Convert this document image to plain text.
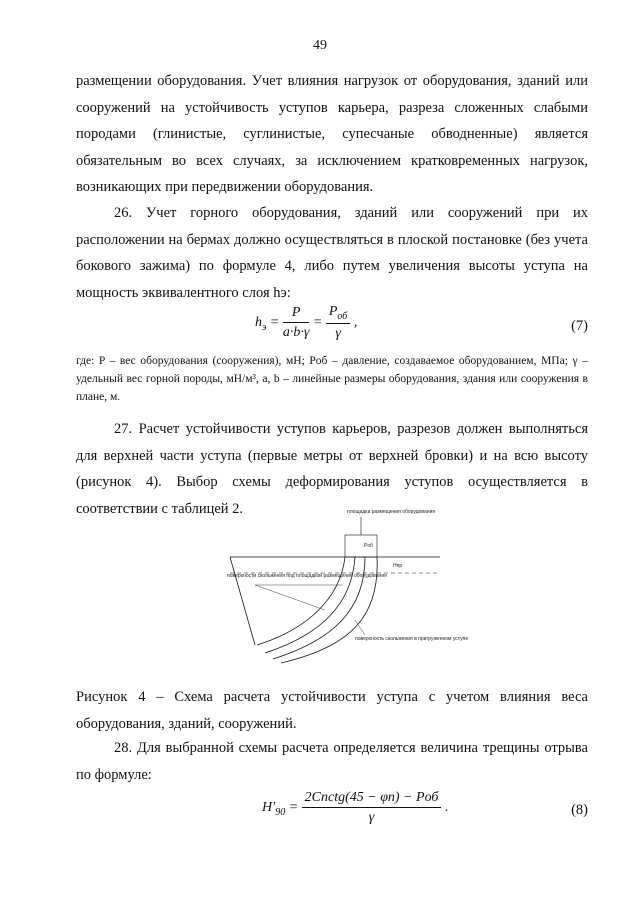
49
размещении оборудования. Учет влияния нагрузок от оборудования, зданий или сооружений на устойчивость уступов карьера, разреза сложенных слабыми породами (глинистые, суглинистые, супесчаные обводненные) является обязательным во всех случаях, за исключением кратковременных нагрузок, возникающих при передвижении оборудования.
26. Учет горного оборудования, зданий или сооружений при их расположении на бермах должно осуществляться в плоской постановке (без учета бокового зажима) по формуле 4, либо путем увеличения высоты уступа на мощность эквивалентного слоя hэ:
$h_э = \frac{P}{a\cdot b\cdot\gamma} = \frac{P_{об}}{\gamma}$ ,	(7)
где: P – вес оборудования (сооружения), мН; Pоб – давление, создаваемое оборудованием, МПа; γ – удельный вес горной породы, мН/м³, a, b – линейные размеры оборудования, здания или сооружения в плане, м.
27. Расчет устойчивости уступов карьеров, разрезов должен выполняться для верхней части уступа (первые метры от верхней бровки) и на всю высоту (рисунок 4). Выбор схемы деформирования уступов осуществляется в соответствии с таблицей 2.	площадка размещения оборудования
Pоб
Hпр
поверхности скольжения под площадкой размещения оборудования
поверхность скольжения в пригруженном уступе
Рисунок 4 – Схема расчета устойчивости уступа с учетом влияния веса оборудования, зданий, сооружений.
28. Для выбранной схемы расчета определяется величина трещины отрыва по формуле:
$H'_{90} = \frac{\text{2Cпctg(45 − φп) − Pоб}}{\gamma}$ .	(8)
